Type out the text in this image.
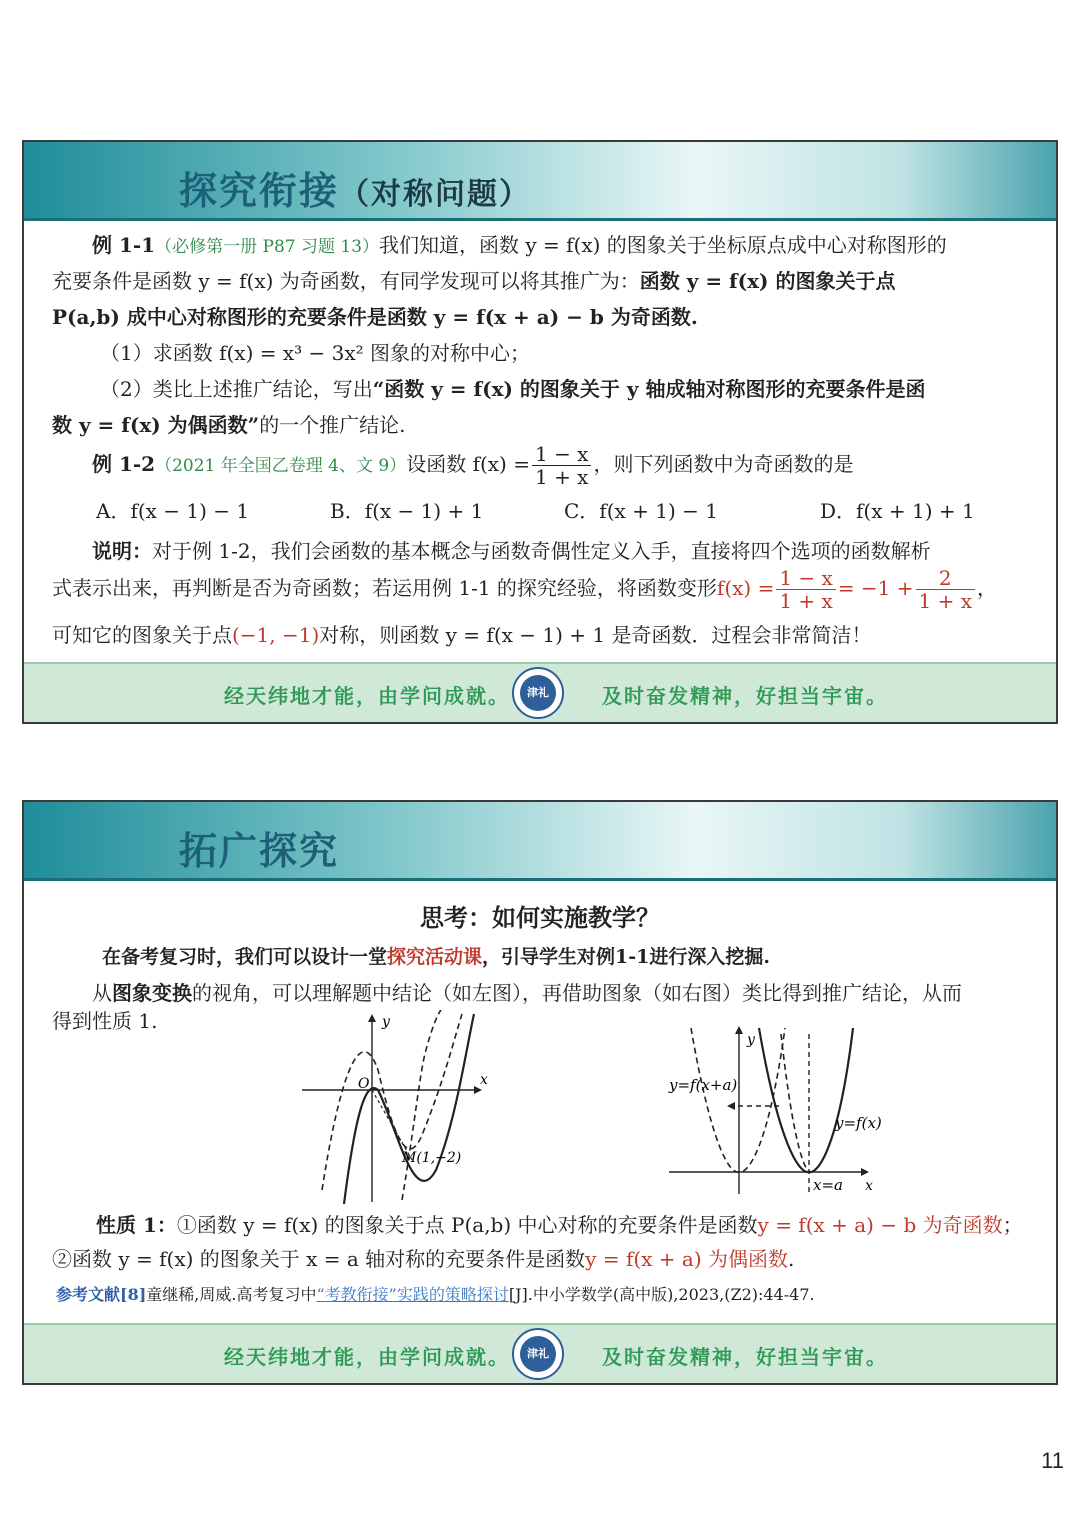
探究衔接（对称问题）
例 1-1（必修第一册 P87 习题 13）我们知道，函数 y = f(x) 的图象关于坐标原点成中心对称图形的
充要条件是函数 y = f(x) 为奇函数，有同学发现可以将其推广为：函数 y = f(x) 的图象关于点
P(a,b) 成中心对称图形的充要条件是函数 y = f(x + a) − b 为奇函数.
（1）求函数 f(x) = x³ − 3x² 图象的对称中心；
（2）类比上述推广结论，写出“函数 y = f(x) 的图象关于 y 轴成轴对称图形的充要条件是函
数 y = f(x) 为偶函数”的一个推广结论.
例 1-2（2021 年全国乙卷理 4、文 9）设函数 $f(x) = \frac{1 - x}{1 + x}$ ，则下列函数中为奇函数的是
A．f(x − 1) − 1	B．f(x − 1) + 1	C．f(x + 1) − 1	D．f(x + 1) + 1
说明：对于例 1-2，我们会函数的基本概念与函数奇偶性定义入手，直接将四个选项的函数解析
式表示出来，再判断是否为奇函数；若运用例 1-1 的探究经验，将函数变形$f(x) = \frac{1 - x}{1 + x} = -1 + \frac{2}{1 + x}$ ，
可知它的图象关于点(−1, −1)对称，则函数 y = f(x − 1) + 1 是奇函数．过程会非常简洁！
经天纬地才能，由学问成就。	津礼	及时奋发精神，好担当宇宙。
拓广探究
思考：如何实施教学？
在备考复习时，我们可以设计一堂探究活动课，引导学生对例1-1进行深入挖掘.
从图象变换的视角，可以理解题中结论（如左图），再借助图象（如右图）类比得到推广结论，从而
得到性质 1.	y
x
O
M(1,−2)
y
x
y=f(x+a)
y=f(x)
x=a
性质 1：①函数 y = f(x) 的图象关于点 P(a,b) 中心对称的充要条件是函数y = f(x + a) − b 为奇函数；
②函数 y = f(x) 的图象关于 x = a 轴对称的充要条件是函数y = f(x + a) 为偶函数.
参考文献[8]童继稀,周威.高考复习中“考教衔接”实践的策略探讨[J].中小学数学(高中版),2023,(Z2):44-47.
经天纬地才能，由学问成就。	津礼	及时奋发精神，好担当宇宙。
11
